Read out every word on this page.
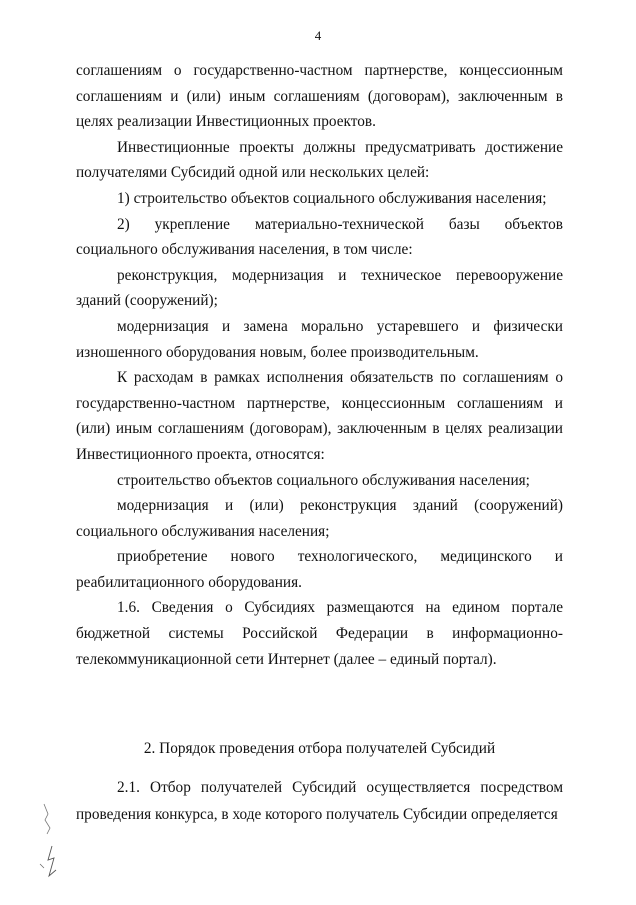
4

соглашениям о государственно-частном партнерстве, концессионным соглашениям и (или) иным соглашениям (договорам), заключенным в целях реализации Инвестиционных проектов.

Инвестиционные проекты должны предусматривать достижение получателями Субсидий одной или нескольких целей:

1) строительство объектов социального обслуживания населения;

2) укрепление материально-технической базы объектов социального обслуживания населения, в том числе:

реконструкция, модернизация и техническое перевооружение зданий (сооружений);

модернизация и замена морально устаревшего и физически изношенного оборудования новым, более производительным.

К расходам в рамках исполнения обязательств по соглашениям о государственно-частном партнерстве, концессионным соглашениям и (или) иным соглашениям (договорам), заключенным в целях реализации Инвестиционного проекта, относятся:

строительство объектов социального обслуживания населения;

модернизация и (или) реконструкция зданий (сооружений) социального обслуживания населения;

приобретение нового технологического, медицинского и реабилитационного оборудования.

1.6. Сведения о Субсидиях размещаются на едином портале бюджетной системы Российской Федерации в информационно-телекоммуникационной сети Интернет (далее – единый портал).

2. Порядок проведения отбора получателей Субсидий

2.1. Отбор получателей Субсидий осуществляется посредством проведения конкурса, в ходе которого получатель Субсидии определяется
